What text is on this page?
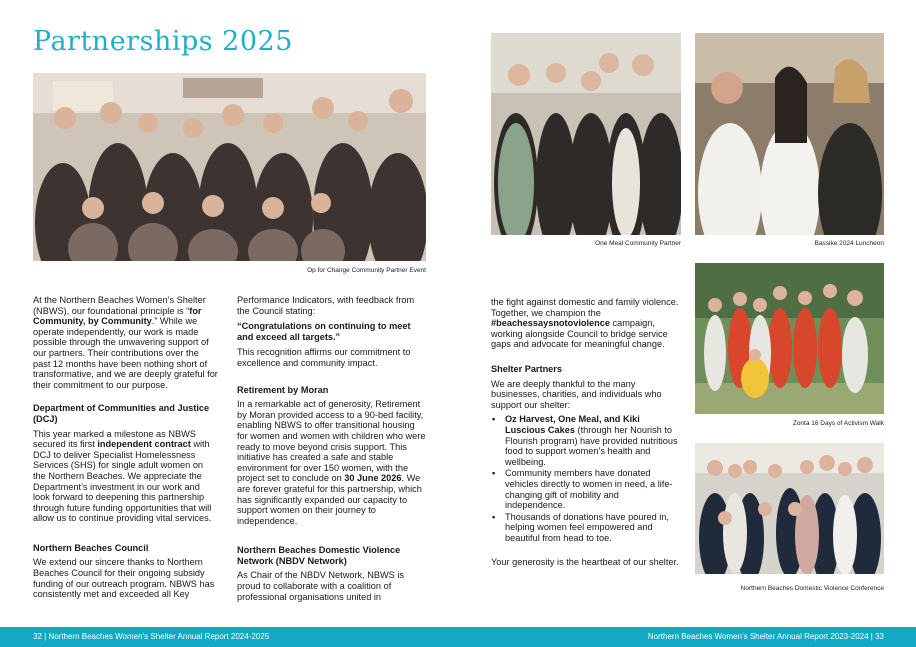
Partnerships 2025
Op for Change Community Partner Event
One Meal Community Partner	Bassike 2024 Luncheon
Zonta 16 Days of Activism Walk
Northern Beaches Domestic Violence Conference

At the Northern Beaches Women’s Shelter (NBWS), our foundational principle is “for Community, by Community.” While we operate independently, our work is made possible through the unwavering support of our partners. Their contributions over the past 12 months have been nothing short of transformative, and we are deeply grateful for their commitment to our purpose.

Department of Communities and Justice (DCJ)

This year marked a milestone as NBWS secured its first independent contract with DCJ to deliver Specialist Homelessness Services (SHS) for single adult women on the Northern Beaches. We appreciate the Department’s investment in our work and look forward to deepening this partnership through future funding opportunities that will allow us to continue providing vital services.

Northern Beaches Council

We extend our sincere thanks to Northern Beaches Council for their ongoing subsidy funding of our outreach program. NBWS has consistently met and exceeded all Key

Performance Indicators, with feedback from the Council stating:

“Congratulations on continuing to meet and exceed all targets.”

This recognition affirms our commitment to excellence and community impact.

Retirement by Moran

In a remarkable act of generosity, Retirement by Moran provided access to a 90-bed facility, enabling NBWS to offer transitional housing for women and women with children who were ready to move beyond crisis support. This initiative has created a safe and stable environment for over 150 women, with the project set to conclude on 30 June 2026. We are forever grateful for this partnership, which has significantly expanded our capacity to support women on their journey to independence.

Northern Beaches Domestic Violence Network (NBDV Network)

As Chair of the NBDV Network, NBWS is proud to collaborate with a coalition of professional organisations united in

the fight against domestic and family violence. Together, we champion the #beachessaysnotoviolence campaign, working alongside Council to bridge service gaps and advocate for meaningful change.

Shelter Partners

We are deeply thankful to the many businesses, charities, and individuals who support our shelter:

• Oz Harvest, One Meal, and Kiki Luscious Cakes (through her Nourish to Flourish program) have provided nutritious food to support women’s health and wellbeing.
• Community members have donated vehicles directly to women in need, a life-changing gift of mobility and independence.
• Thousands of donations have poured in, helping women feel empowered and beautiful from head to toe.

Your generosity is the heartbeat of our shelter.

32 | Northern Beaches Women’s Shelter Annual Report 2024-2025	Northern Beaches Women’s Shelter Annual Report 2023-2024 | 33
